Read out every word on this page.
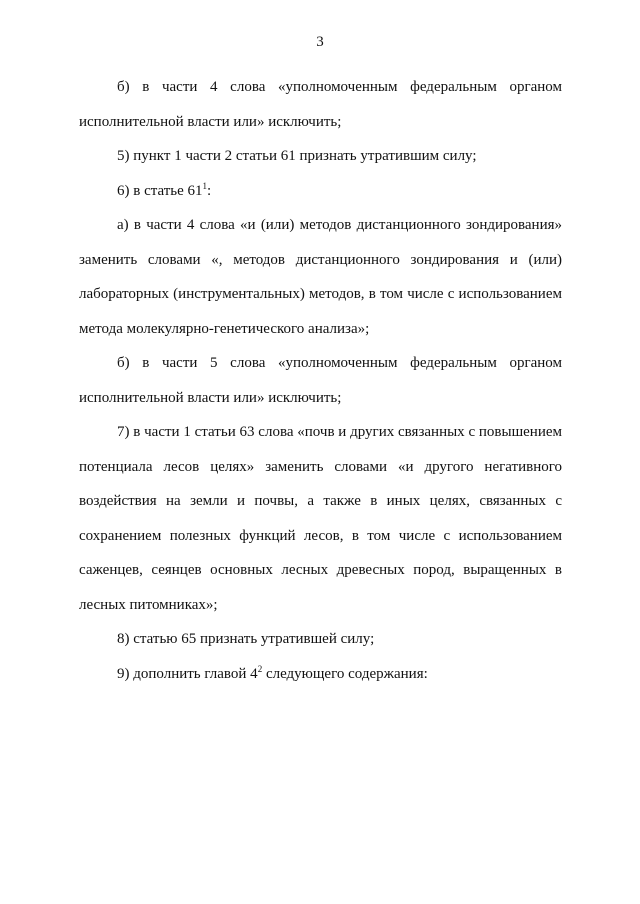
3

б) в части 4 слова «уполномоченным федеральным органом исполнительной власти или» исключить;

5) пункт 1 части 2 статьи 61 признать утратившим силу;

6) в статье $61^1$:

а) в части 4 слова «и (или) методов дистанционного зондирования» заменить словами «, методов дистанционного зондирования и (или) лабораторных (инструментальных) методов, в том числе с использованием метода молекулярно-генетического анализа»;

б) в части 5 слова «уполномоченным федеральным органом исполнительной власти или» исключить;

7) в части 1 статьи 63 слова «почв и других связанных с повышением потенциала лесов целях» заменить словами «и другого негативного воздействия на земли и почвы, а также в иных целях, связанных с сохранением полезных функций лесов, в том числе с использованием саженцев, сеянцев основных лесных древесных пород, выращенных в лесных питомниках»;

8) статью 65 признать утратившей силу;

9) дополнить главой $4^2$ следующего содержания:
